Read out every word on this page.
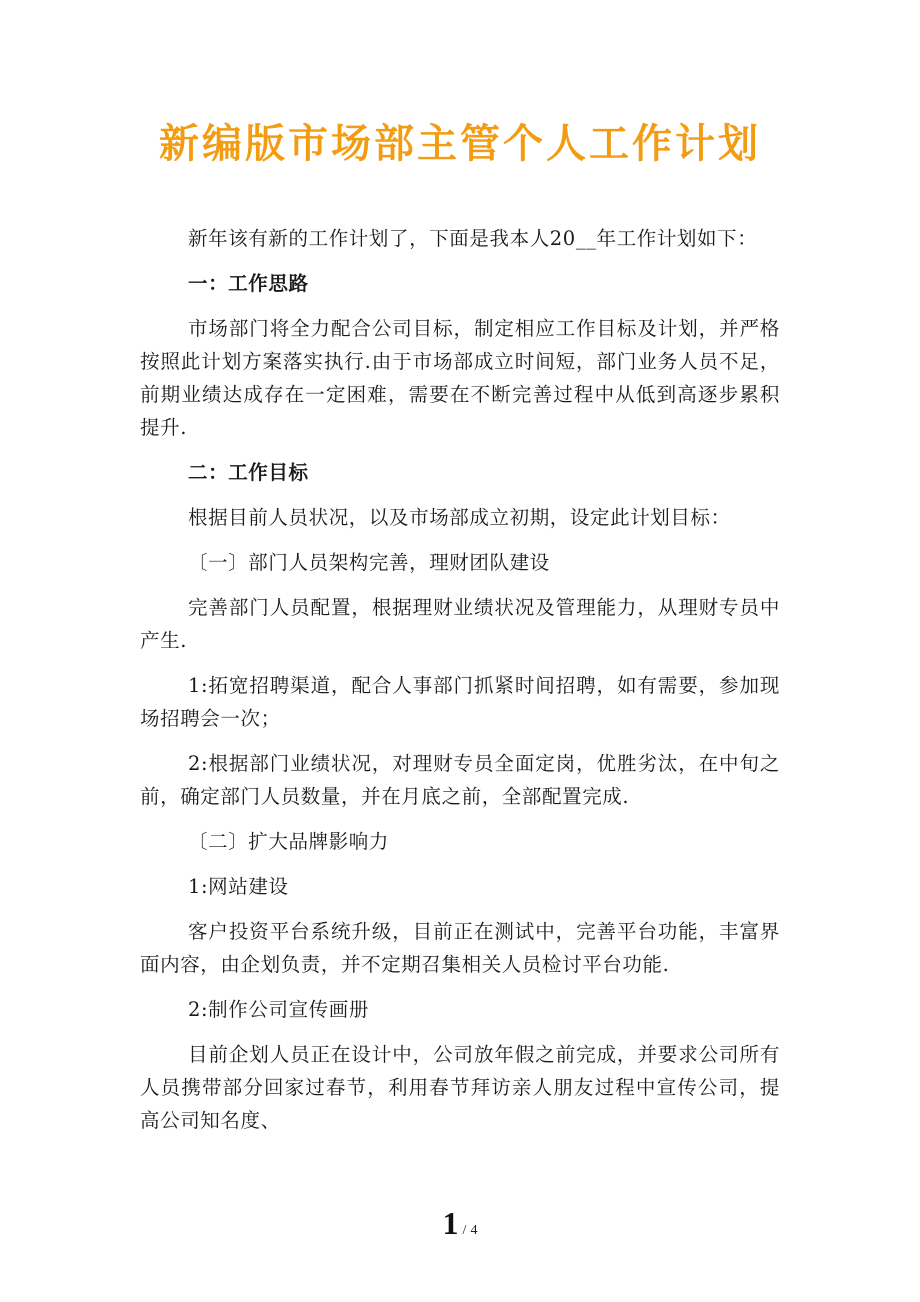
新编版市场部主管个人工作计划

新年该有新的工作计划了，下面是我本人20__年工作计划如下：

一：工作思路

市场部门将全力配合公司目标，制定相应工作目标及计划，并严格按照此计划方案落实执行.由于市场部成立时间短，部门业务人员不足，前期业绩达成存在一定困难，需要在不断完善过程中从低到高逐步累积提升.

二：工作目标

根据目前人员状况，以及市场部成立初期，设定此计划目标：

〔一〕部门人员架构完善，理财团队建设

完善部门人员配置，根据理财业绩状况及管理能力，从理财专员中产生.

1:拓宽招聘渠道，配合人事部门抓紧时间招聘，如有需要，参加现场招聘会一次；

2:根据部门业绩状况，对理财专员全面定岗，优胜劣汰，在中旬之前，确定部门人员数量，并在月底之前，全部配置完成.

〔二〕扩大品牌影响力

1:网站建设

客户投资平台系统升级，目前正在测试中，完善平台功能，丰富界面内容，由企划负责，并不定期召集相关人员检讨平台功能.

2:制作公司宣传画册

目前企划人员正在设计中，公司放年假之前完成，并要求公司所有人员携带部分回家过春节，利用春节拜访亲人朋友过程中宣传公司，提高公司知名度、

1 / 4
